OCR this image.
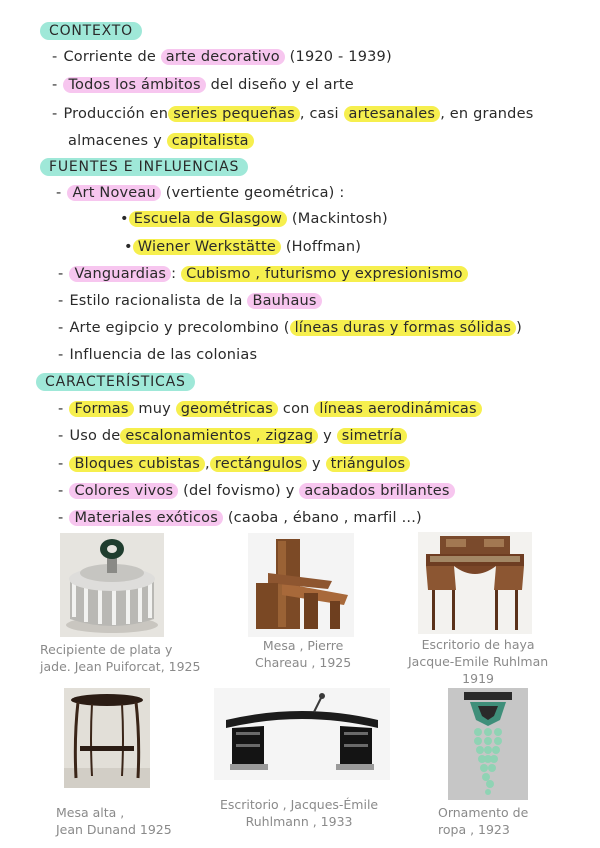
CONTEXTO
- Corriente de arte decorativo (1920 - 1939)
- Todos los ámbitos del diseño y el arte
- Producción en series pequeñas , casi artesanales , en grandes
almacenes y capitalista
FUENTES E INFLUENCIAS
- Art Noveau (vertiente geométrica) :
• Escuela de Glasgow (Mackintosh)
• Wiener Werkstätte (Hoffman)
- Vanguardias : Cubismo , futurismo y expresionismo
- Estilo racionalista de la Bauhaus
- Arte egipcio y precolombino ( líneas duras y formas sólidas )
- Influencia de las colonias
CARACTERÍSTICAS
- Formas muy geométricas con líneas aerodinámicas
- Uso de escalonamientos , zigzag y simetría
- Bloques cubistas , rectángulos y triángulos
- Colores vivos (del fovismo) y acabados brillantes
- Materiales exóticos (caoba , ébano , marfil ...)
Recipiente de plata y
jade. Jean Puiforcat, 1925
Mesa , Pierre
Chareau , 1925
Escritorio de haya
Jacque-Emile Ruhlman
1919
Mesa alta ,
Jean Dunand 1925
Escritorio , Jacques-Émile
Ruhlmann , 1933
Ornamento de
ropa , 1923
